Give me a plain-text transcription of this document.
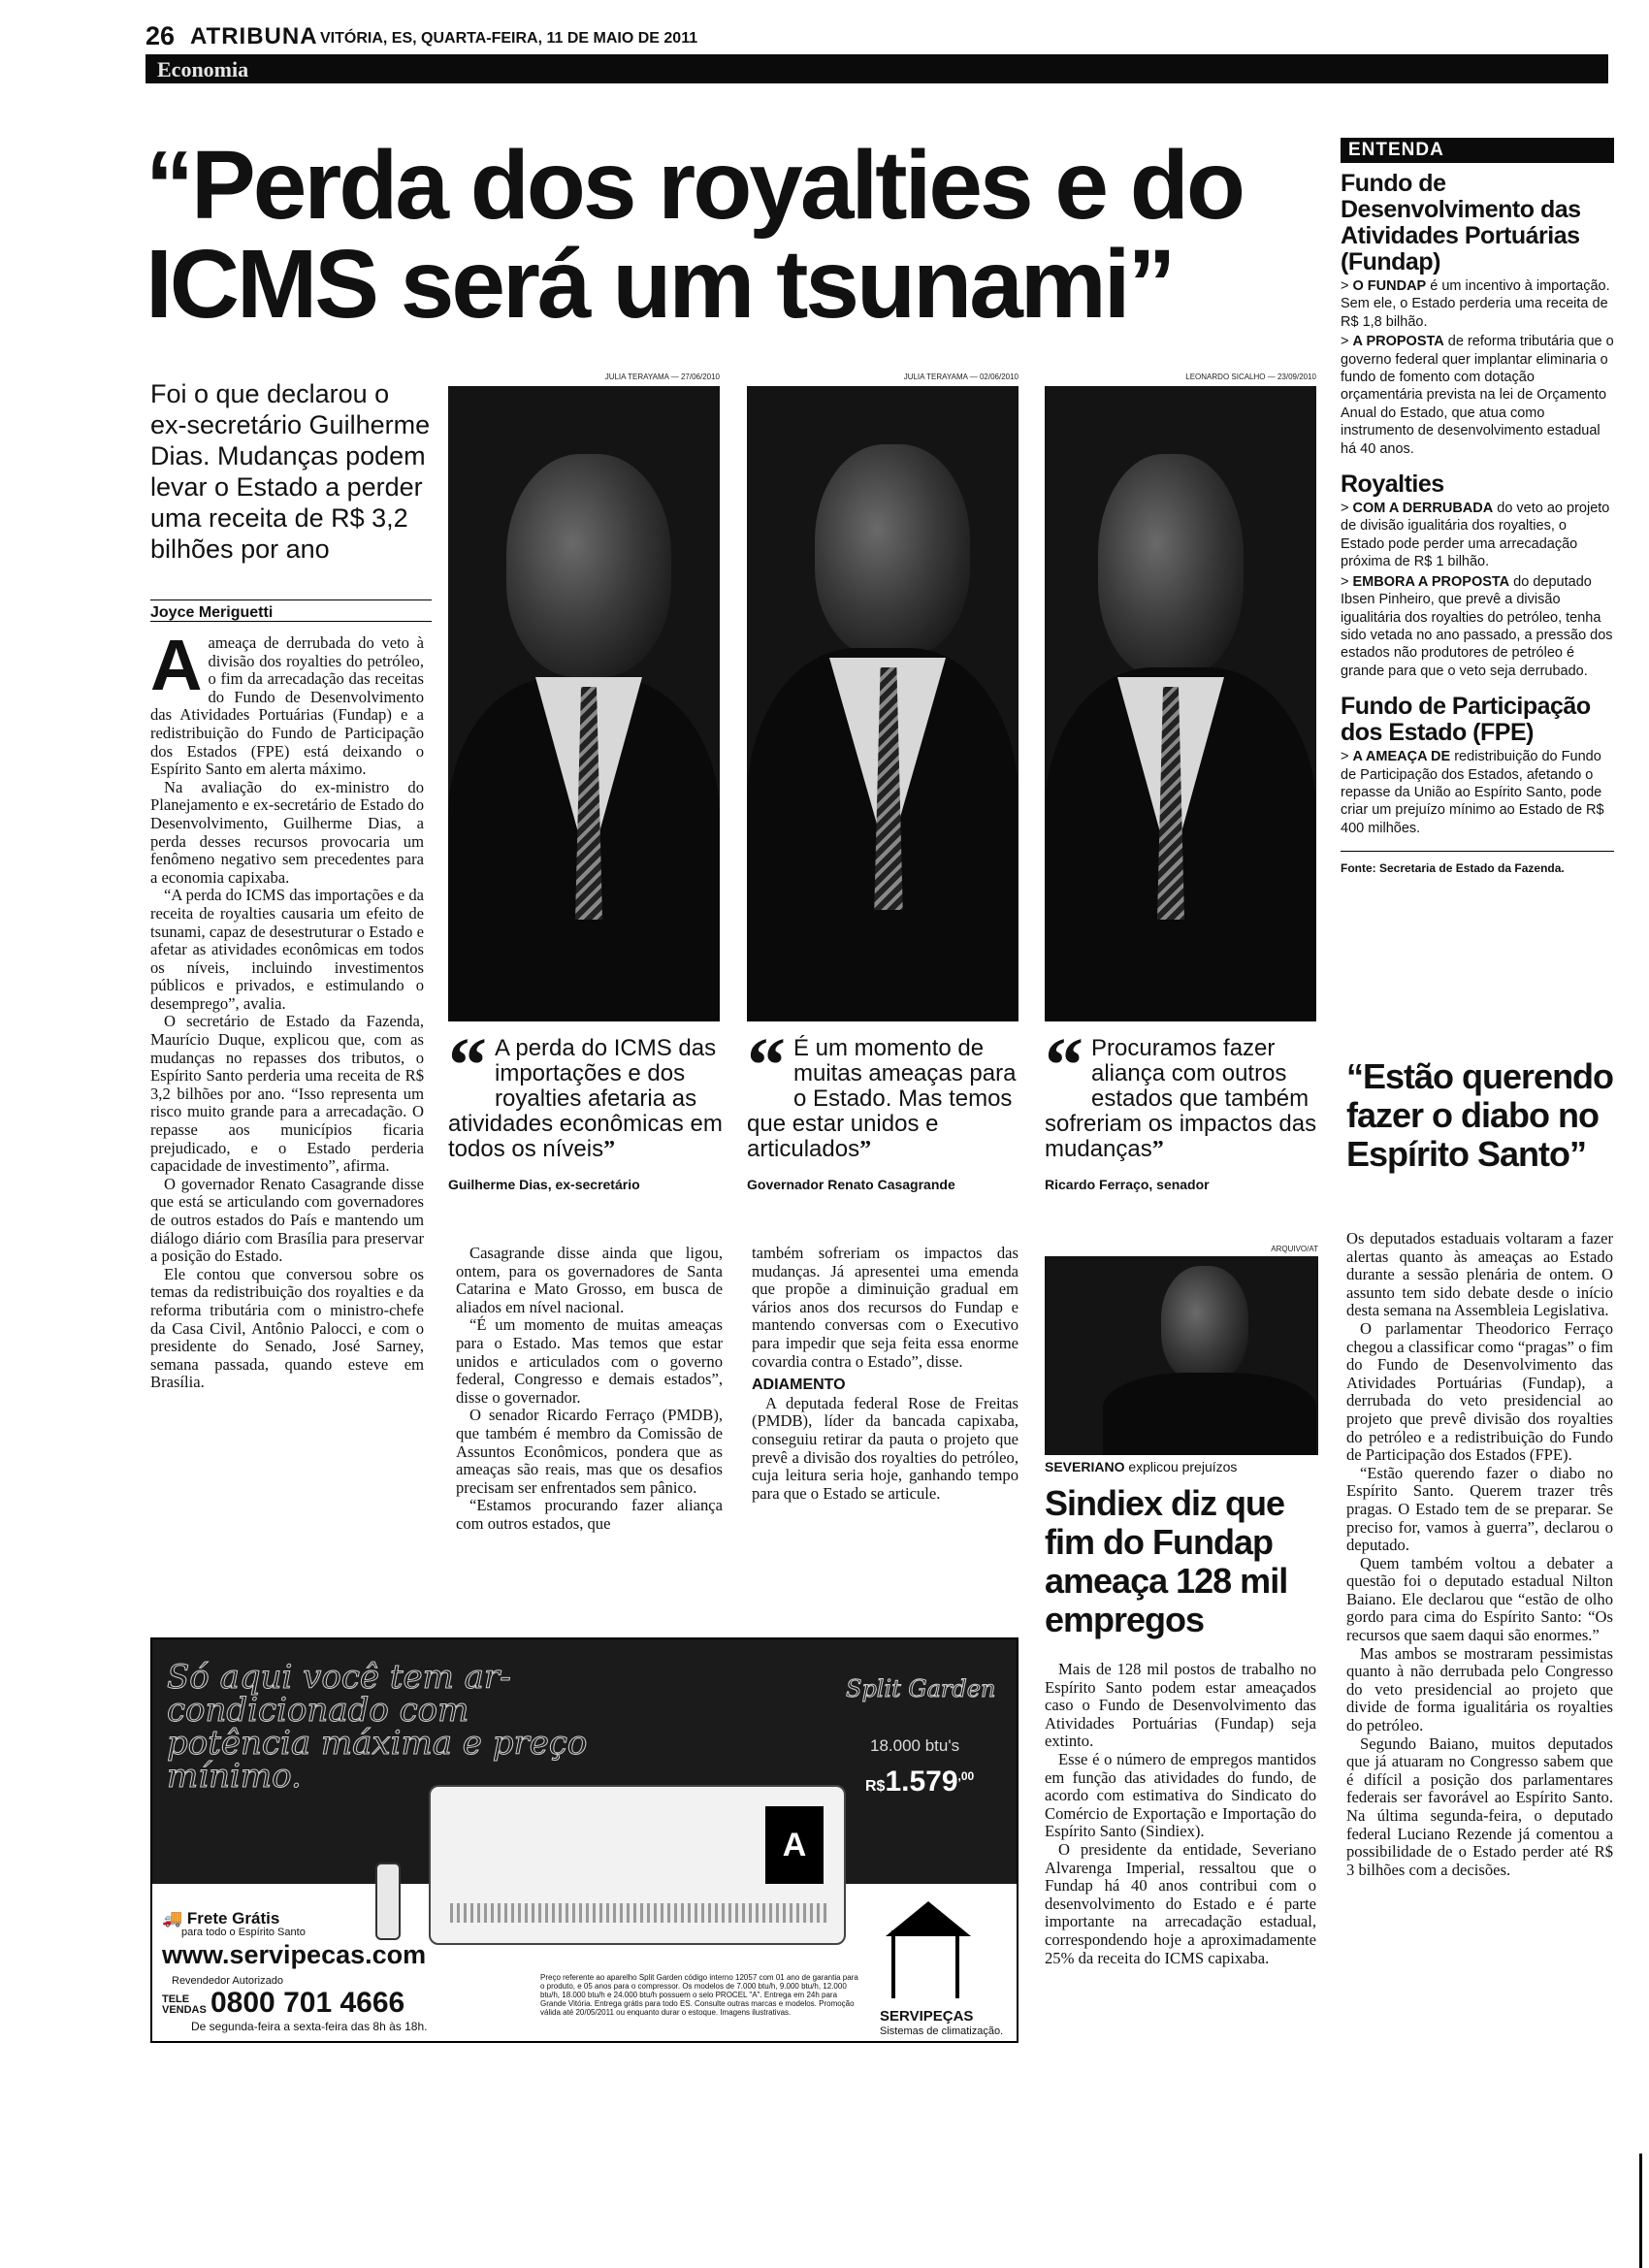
26 ATRIBUNA VITÓRIA, ES, QUARTA-FEIRA, 11 DE MAIO DE 2011
Economia
“Perda dos royalties e do ICMS será um tsunami”
Foi o que declarou o ex-secretário Guilherme Dias. Mudanças podem levar o Estado a perder uma receita de R$ 3,2 bilhões por ano
Joyce Meriguetti

A ameaça de derrubada do veto à divisão dos royalties do petróleo, o fim da arrecadação das receitas do Fundo de Desenvolvimento das Atividades Portuárias (Fundap) e a redistribuição do Fundo de Participação dos Estados (FPE) está deixando o Espírito Santo em alerta máximo.

Na avaliação do ex-ministro do Planejamento e ex-secretário de Estado do Desenvolvimento, Guilherme Dias, a perda desses recursos provocaria um fenômeno negativo sem precedentes para a economia capixaba.

“A perda do ICMS das importações e da receita de royalties causaria um efeito de tsunami, capaz de desestruturar o Estado e afetar as atividades econômicas em todos os níveis, incluindo investimentos públicos e privados, e estimulando o desemprego”, avalia.

O secretário de Estado da Fazenda, Maurício Duque, explicou que, com as mudanças no repasses dos tributos, o Espírito Santo perderia uma receita de R$ 3,2 bilhões por ano. “Isso representa um risco muito grande para a arrecadação. O repasse aos municípios ficaria prejudicado, e o Estado perderia capacidade de investimento”, afirma.

O governador Renato Casagrande disse que está se articulando com governadores de outros estados do País e mantendo um diálogo diário com Brasília para preservar a posição do Estado.

Ele contou que conversou sobre os temas da redistribuição dos royalties e da reforma tributária com o ministro-chefe da Casa Civil, Antônio Palocci, e com o presidente do Senado, José Sarney, semana passada, quando esteve em Brasília.

JULIA TERAYAMA — 27/06/2010	JULIA TERAYAMA — 02/06/2010	LEONARDO SICALHO — 23/09/2010
“ A perda do ICMS das importações e dos royalties afetaria as atividades econômicas em todos os níveis”
Guilherme Dias, ex-secretário
“ É um momento de muitas ameaças para o Estado. Mas temos que estar unidos e articulados”
Governador Renato Casagrande
“ Procuramos fazer aliança com outros estados que também sofreriam os impactos das mudanças”
Ricardo Ferraço, senador

Casagrande disse ainda que ligou, ontem, para os governadores de Santa Catarina e Mato Grosso, em busca de aliados em nível nacional.

“É um momento de muitas ameaças para o Estado. Mas temos que estar unidos e articulados com o governo federal, Congresso e demais estados”, disse o governador.

O senador Ricardo Ferraço (PMDB), que também é membro da Comissão de Assuntos Econômicos, pondera que as ameaças são reais, mas que os desafios precisam ser enfrentados sem pânico.

“Estamos procurando fazer aliança com outros estados, que

também sofreriam os impactos das mudanças. Já apresentei uma emenda que propõe a diminuição gradual em vários anos dos recursos do Fundap e mantendo conversas com o Executivo para impedir que seja feita essa enorme covardia contra o Estado”, disse.

ADIAMENTO

A deputada federal Rose de Freitas (PMDB), líder da bancada capixaba, conseguiu retirar da pauta o projeto que prevê a divisão dos royalties do petróleo, cuja leitura seria hoje, ganhando tempo para que o Estado se articule.

ENTENDA
Fundo de Desenvolvimento das Atividades Portuárias (Fundap)
> O FUNDAP é um incentivo à importação. Sem ele, o Estado perderia uma receita de R$ 1,8 bilhão.
> A PROPOSTA de reforma tributária que o governo federal quer implantar eliminaria o fundo de fomento com dotação orçamentária prevista na lei de Orçamento Anual do Estado, que atua como instrumento de desenvolvimento estadual há 40 anos.
Royalties
> COM A DERRUBADA do veto ao projeto de divisão igualitária dos royalties, o Estado pode perder uma arrecadação próxima de R$ 1 bilhão.
> EMBORA A PROPOSTA do deputado Ibsen Pinheiro, que prevê a divisão igualitária dos royalties do petróleo, tenha sido vetada no ano passado, a pressão dos estados não produtores de petróleo é grande para que o veto seja derrubado.
Fundo de Participação dos Estado (FPE)
> A AMEAÇA DE redistribuição do Fundo de Participação dos Estados, afetando o repasse da União ao Espírito Santo, pode criar um prejuízo mínimo ao Estado de R$ 400 milhões.
Fonte: Secretaria de Estado da Fazenda.
“Estão querendo fazer o diabo no Espírito Santo”

Os deputados estaduais voltaram a fazer alertas quanto às ameaças ao Estado durante a sessão plenária de ontem. O assunto tem sido debate desde o início desta semana na Assembleia Legislativa.

O parlamentar Theodorico Ferraço chegou a classificar como “pragas” o fim do Fundo de Desenvolvimento das Atividades Portuárias (Fundap), a derrubada do veto presidencial ao projeto que prevê divisão dos royalties do petróleo e a redistribuição do Fundo de Participação dos Estados (FPE).

“Estão querendo fazer o diabo no Espírito Santo. Querem trazer três pragas. O Estado tem de se preparar. Se preciso for, vamos à guerra”, declarou o deputado.

Quem também voltou a debater a questão foi o deputado estadual Nilton Baiano. Ele declarou que “estão de olho gordo para cima do Espírito Santo: “Os recursos que saem daqui são enormes.”

Mas ambos se mostraram pessimistas quanto à não derrubada pelo Congresso do veto presidencial ao projeto que divide de forma igualitária os royalties do petróleo.

Segundo Baiano, muitos deputados que já atuaram no Congresso sabem que é difícil a posição dos parlamentares federais ser favorável ao Espírito Santo. Na última segunda-feira, o deputado federal Luciano Rezende já comentou a possibilidade de o Estado perder até R$ 3 bilhões com a decisões.

ARQUIVO/AT
SEVERIANO explicou prejuízos
Sindiex diz que fim do Fundap ameaça 128 mil empregos

Mais de 128 mil postos de trabalho no Espírito Santo podem estar ameaçados caso o Fundo de Desenvolvimento das Atividades Portuárias (Fundap) seja extinto.

Esse é o número de empregos mantidos em função das atividades do fundo, de acordo com estimativa do Sindicato do Comércio de Exportação e Importação do Espírito Santo (Sindiex).

O presidente da entidade, Severiano Alvarenga Imperial, ressaltou que o Fundap há 40 anos contribui com o desenvolvimento do Estado e é parte importante na arrecadação estadual, correspondendo hoje a aproximadamente 25% da receita do ICMS capixaba.

Só aqui você tem ar-condicionado com potência máxima e preço mínimo.
Split Garden
18.000 btu's
$R\$1.579^{,00}$
A
🚚 Frete Grátis
para todo o Espírito Santo
www.servipecas.com
Revendedor Autorizado
TELE VENDAS 0800 701 4666
De segunda-feira a sexta-feira das 8h às 18h.
Preço referente ao aparelho Split Garden código interno 12057 com 01 ano de garantia para o produto, e 05 anos para o compressor. Os modelos de 7.000 btu/h, 9.000 btu/h, 12.000 btu/h, 18.000 btu/h e 24.000 btu/h possuem o selo PROCEL "A". Entrega em 24h para Grande Vitória. Entrega grátis para todo ES. Consulte outras marcas e modelos. Promoção válida até 20/05/2011 ou enquanto durar o estoque. Imagens ilustrativas.	SERVIPEÇAS
Sistemas de climatização.
